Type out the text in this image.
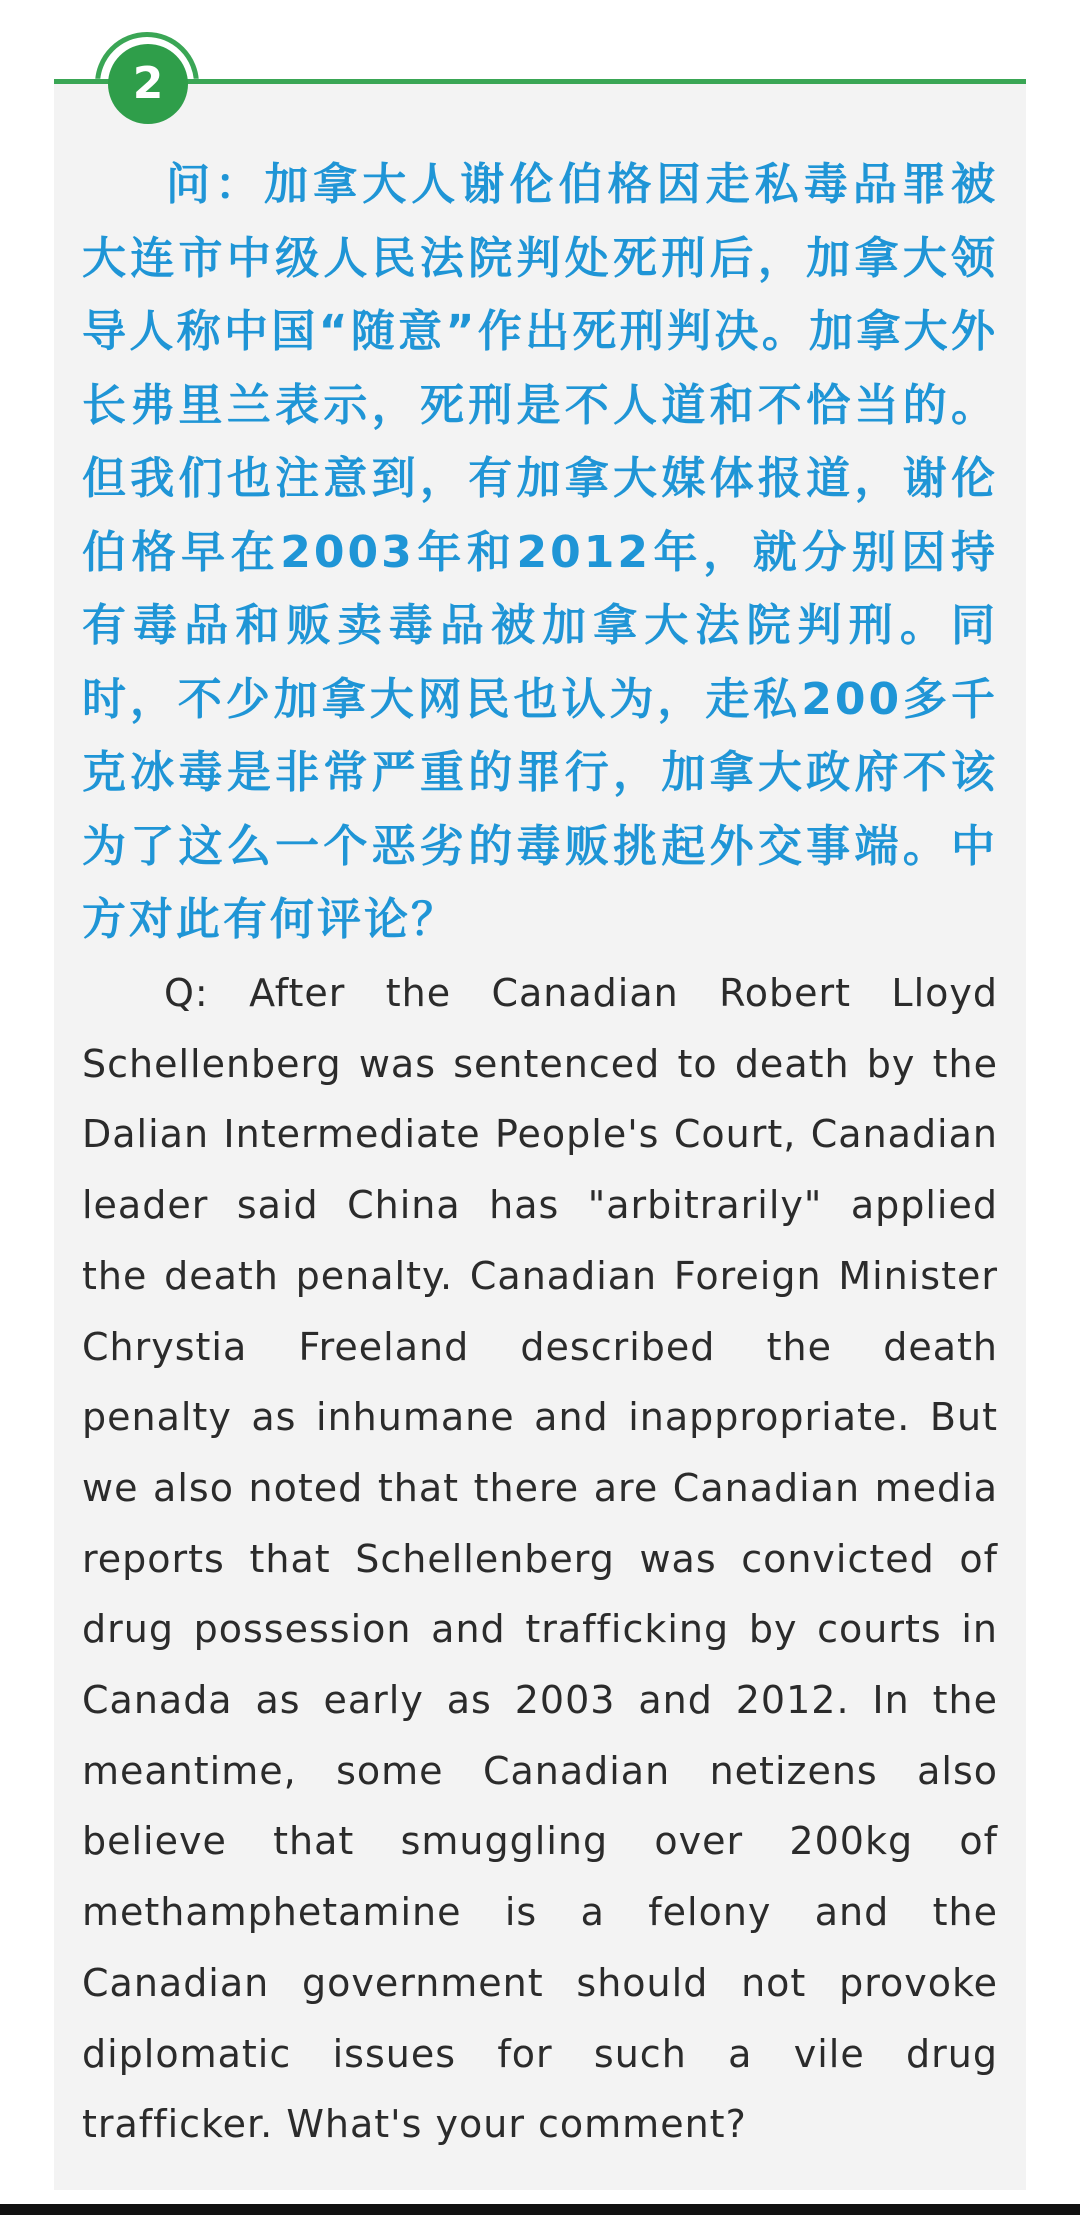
2

问：加拿大人谢伦伯格因走私毒品罪被大连市中级人民法院判处死刑后，加拿大领导人称中国“随意”作出死刑判决。加拿大外长弗里兰表示，死刑是不人道和不恰当的。但我们也注意到，有加拿大媒体报道，谢伦伯格早在2003年和2012年，就分别因持有毒品和贩卖毒品被加拿大法院判刑。同时，不少加拿大网民也认为，走私200多千克冰毒是非常严重的罪行，加拿大政府不该为了这么一个恶劣的毒贩挑起外交事端。中方对此有何评论？

Q: After the Canadian Robert Lloyd Schellenberg was sentenced to death by the Dalian Intermediate People's Court, Canadian leader said China has "arbitrarily" applied the death penalty. Canadian Foreign Minister Chrystia Freeland described the death penalty as inhumane and inappropriate. But we also noted that there are Canadian media reports that Schellenberg was convicted of drug possession and trafficking by courts in Canada as early as 2003 and 2012. In the meantime, some Canadian netizens also believe that smuggling over 200kg of methamphetamine is a felony and the Canadian government should not provoke diplomatic issues for such a vile drug trafficker. What's your comment?
